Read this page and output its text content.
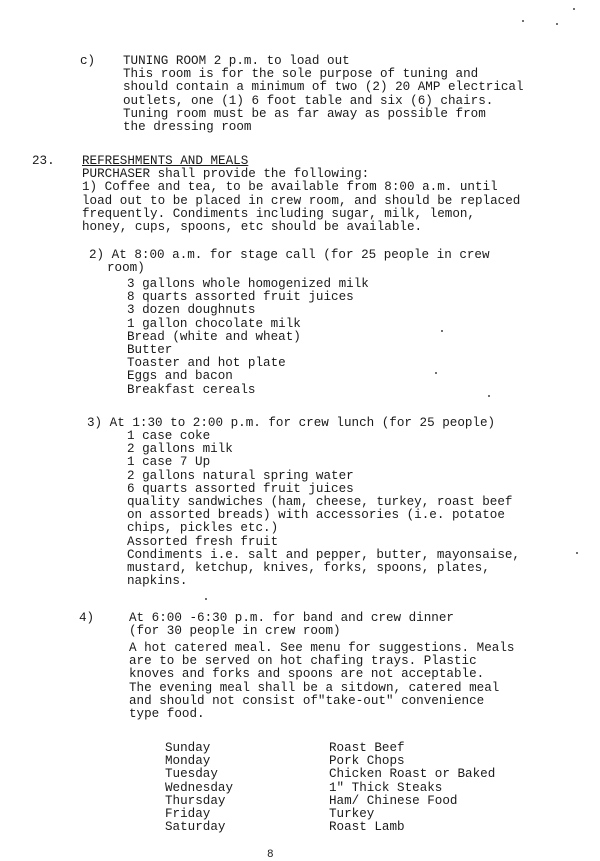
c) TUNING ROOM 2 p.m. to load out
This room is for the sole purpose of tuning and
should contain a minimum of two (2) 20 AMP electrical
outlets, one (1) 6 foot table and six (6) chairs.
Tuning room must be as far away as possible from
the dressing room
23. REFRESHMENTS AND MEALS
PURCHASER shall provide the following:
1) Coffee and tea, to be available from 8:00 a.m. until
load out to be placed in crew room, and should be replaced
frequently. Condiments including sugar, milk, lemon,
honey, cups, spoons, etc should be available.
2) At 8:00 a.m. for stage call (for 25 people in crew
room)
3 gallons whole homogenized milk
8 quarts assorted fruit juices
3 dozen doughnuts
1 gallon chocolate milk
Bread (white and wheat)
Butter
Toaster and hot plate
Eggs and bacon
Breakfast cereals
3) At 1:30 to 2:00 p.m. for crew lunch (for 25 people)
1 case coke
2 gallons milk
1 case 7 Up
2 gallons natural spring water
6 quarts assorted fruit juices
quality sandwiches (ham, cheese, turkey, roast beef
on assorted breads) with accessories (i.e. potatoe
chips, pickles etc.)
Assorted fresh fruit
Condiments i.e. salt and pepper, butter, mayonsaise,
mustard, ketchup, knives, forks, spoons, plates,
napkins.
4)	At 6:00 -6:30 p.m. for band and crew dinner
(for 30 people in crew room)
A hot catered meal. See menu for suggestions. Meals
are to be served on hot chafing trays. Plastic
knoves and forks and spoons are not acceptable.
The evening meal shall be a sitdown, catered meal
and should not consist of"take-out" convenience
type food.
Sunday
Monday
Tuesday
Wednesday
Thursday
Friday
Saturday
Roast Beef
Pork Chops
Chicken Roast or Baked
1" Thick Steaks
Ham/ Chinese Food
Turkey
Roast Lamb
8
